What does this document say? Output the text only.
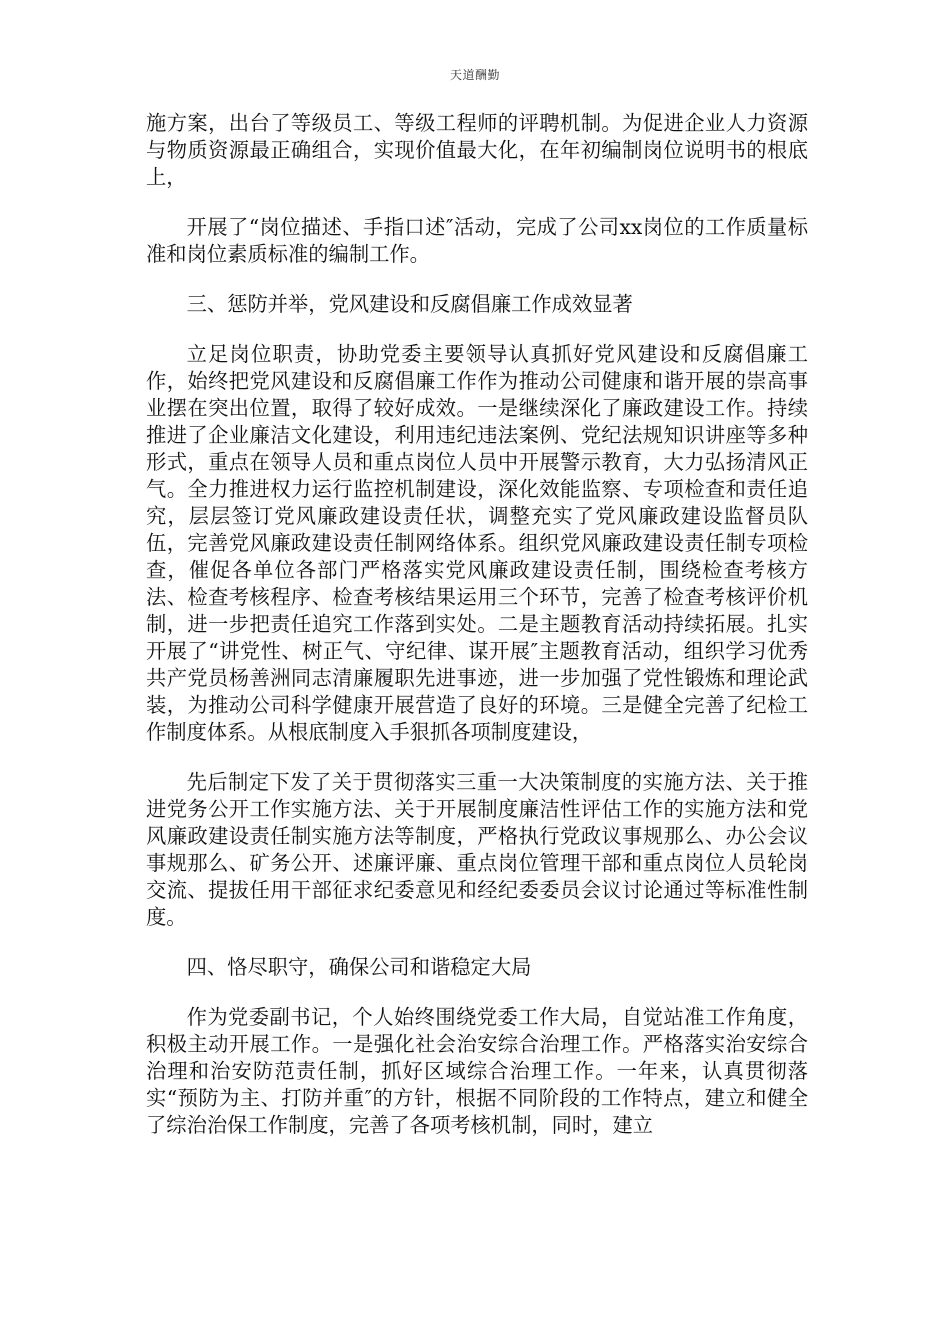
天道酬勤

施方案，出台了等级员工、等级工程师的评聘机制。为促进企业人力资源与物质资源最正确组合，实现价值最大化，在年初编制岗位说明书的根底上，

开展了“岗位描述、手指口述″活动，完成了公司xx岗位的工作质量标准和岗位素质标准的编制工作。

三、惩防并举，党风建设和反腐倡廉工作成效显著

立足岗位职责，协助党委主要领导认真抓好党风建设和反腐倡廉工作，始终把党风建设和反腐倡廉工作作为推动公司健康和谐开展的崇高事业摆在突出位置，取得了较好成效。一是继续深化了廉政建设工作。持续推进了企业廉洁文化建设，利用违纪违法案例、党纪法规知识讲座等多种形式，重点在领导人员和重点岗位人员中开展警示教育，大力弘扬清风正气。全力推进权力运行监控机制建设，深化效能监察、专项检查和责任追究，层层签订党风廉政建设责任状，调整充实了党风廉政建设监督员队伍，完善党风廉政建设责任制网络体系。组织党风廉政建设责任制专项检查，催促各单位各部门严格落实党风廉政建设责任制，围绕检查考核方法、检查考核程序、检查考核结果运用三个环节，完善了检查考核评价机制，进一步把责任追究工作落到实处。二是主题教育活动持续拓展。扎实开展了“讲党性、树正气、守纪律、谋开展″主题教育活动，组织学习优秀共产党员杨善洲同志清廉履职先进事迹，进一步加强了党性锻炼和理论武装，为推动公司科学健康开展营造了良好的环境。三是健全完善了纪检工作制度体系。从根底制度入手狠抓各项制度建设，

先后制定下发了关于贯彻落实三重一大决策制度的实施方法、关于推进党务公开工作实施方法、关于开展制度廉洁性评估工作的实施方法和党风廉政建设责任制实施方法等制度，严格执行党政议事规那么、办公会议事规那么、矿务公开、述廉评廉、重点岗位管理干部和重点岗位人员轮岗交流、提拔任用干部征求纪委意见和经纪委委员会议讨论通过等标准性制度。

四、恪尽职守，确保公司和谐稳定大局

作为党委副书记，个人始终围绕党委工作大局，自觉站准工作角度，积极主动开展工作。一是强化社会治安综合治理工作。严格落实治安综合治理和治安防范责任制，抓好区域综合治理工作。一年来，认真贯彻落实“预防为主、打防并重″的方针，根据不同阶段的工作特点，建立和健全了综治治保工作制度，完善了各项考核机制，同时，建立
